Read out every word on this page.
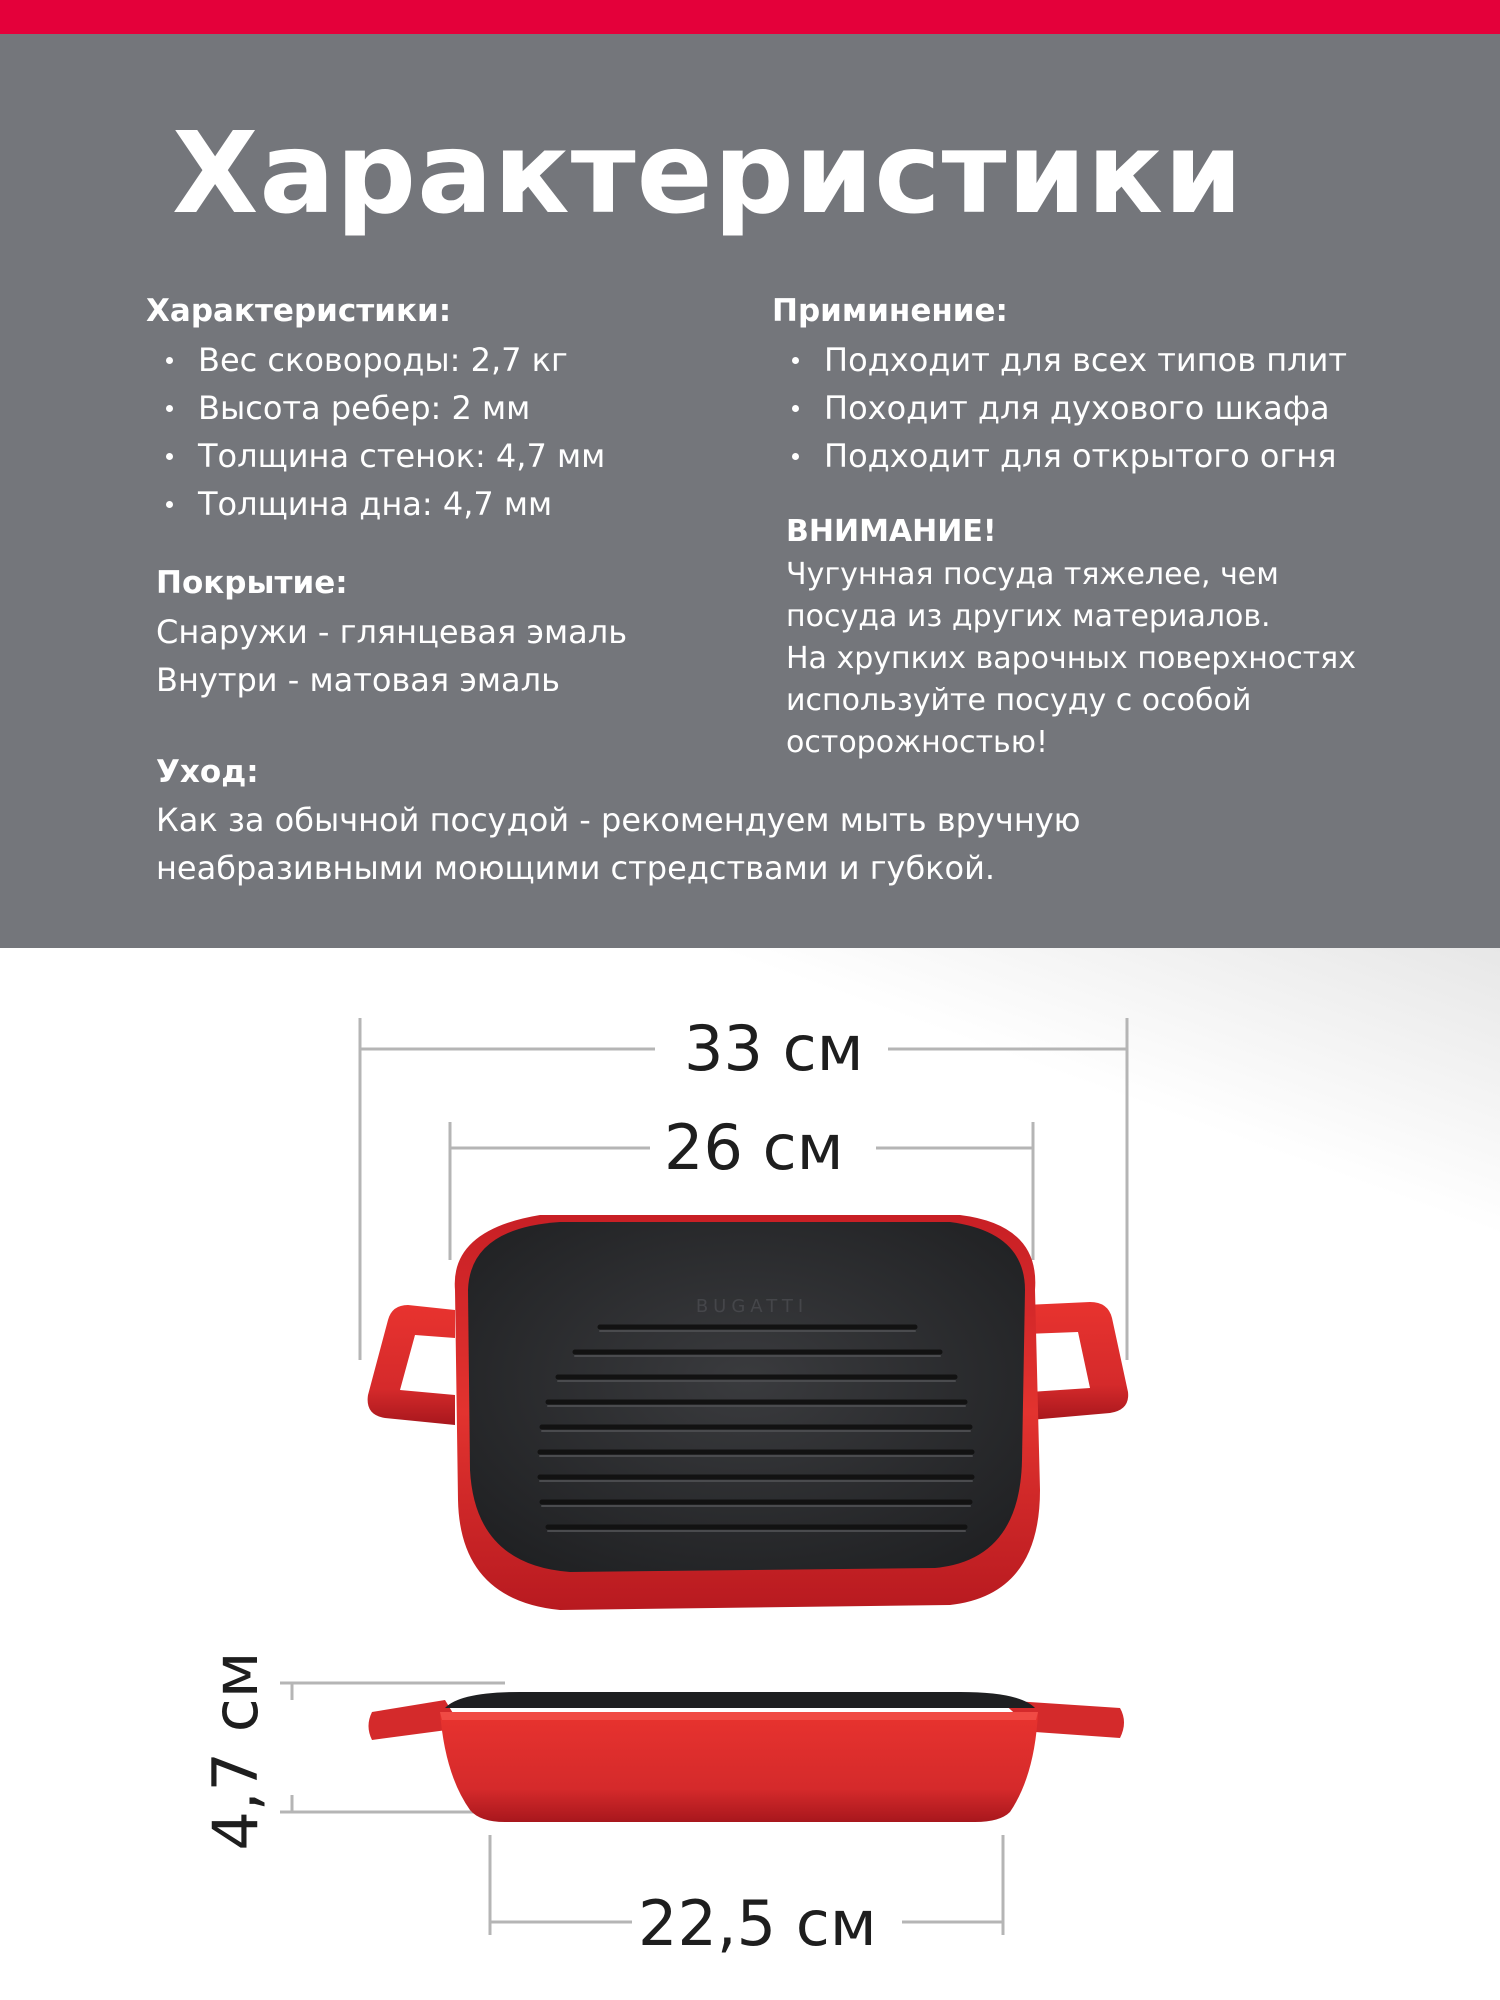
Характеристики
Характеристики:
Вес сковороды: 2,7 кг
Высота ребер: 2 мм
Толщина стенок: 4,7 мм
Толщина дна: 4,7 мм
Покрытие:

Снаружи - глянцевая эмаль

Внутри - матовая эмаль

Уход:

Как за обычной посудой - рекомендуем мыть вручную

неабразивными моющими стредствами и губкой.

Приминение:
Подходит для всех типов плит
Походит для духового шкафа
Подходит для открытого огня
ВНИМАНИЕ!

Чугунная посуда тяжелее, чем

посуда из других материалов.

На хрупких варочных поверхностях

используйте посуду с особой

осторожностью!

BUGATTI
33 см
26 см
4,7 см
22,5 см
